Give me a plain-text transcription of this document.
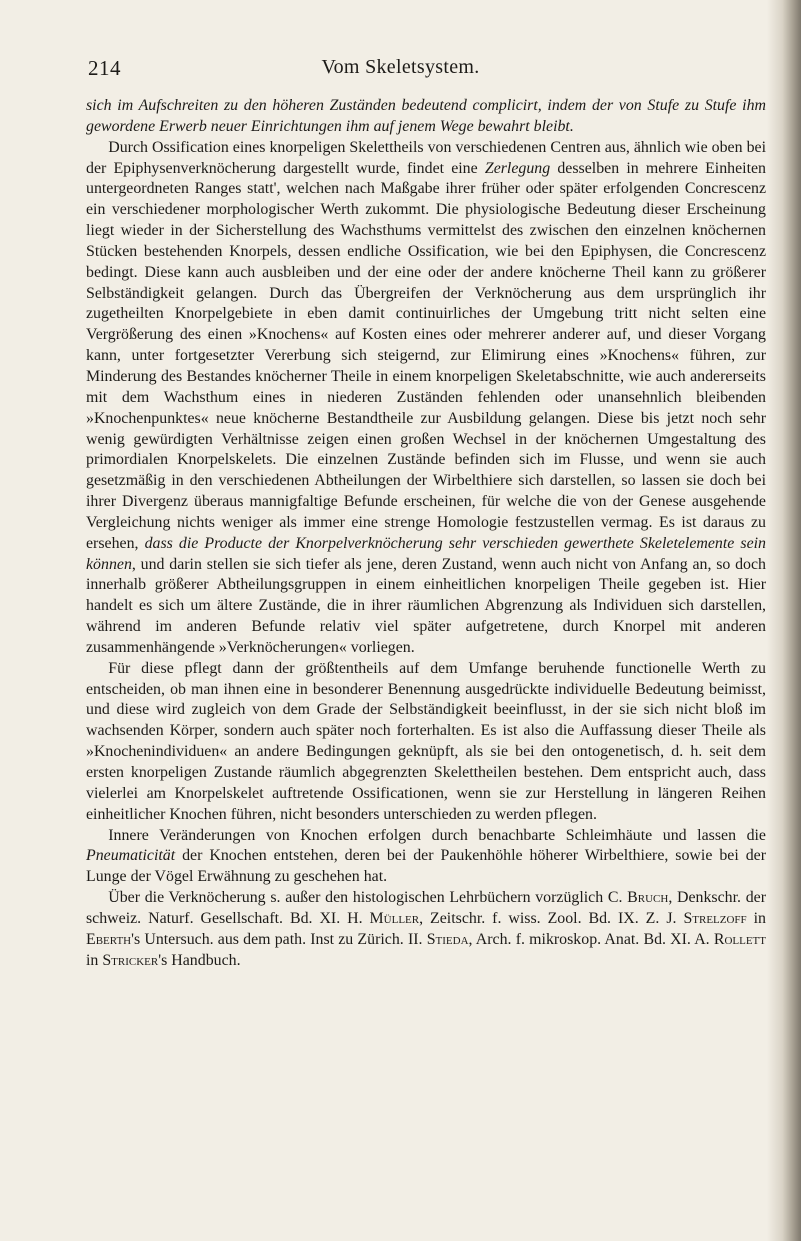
214	Vom Skeletsystem.

sich im Aufschreiten zu den höheren Zuständen bedeutend complicirt, indem der von Stufe zu Stufe ihm gewordene Erwerb neuer Einrichtungen ihm auf jenem Wege bewahrt bleibt.

Durch Ossification eines knorpeligen Skelettheils von verschiedenen Centren aus, ähnlich wie oben bei der Epiphysenverknöcherung dargestellt wurde, findet eine Zerlegung desselben in mehrere Einheiten untergeordneten Ranges statt', welchen nach Maßgabe ihrer früher oder später erfolgenden Concrescenz ein verschiedener morphologischer Werth zukommt. Die physiologische Bedeutung dieser Erscheinung liegt wieder in der Sicherstellung des Wachsthums vermittelst des zwischen den einzelnen knöchernen Stücken bestehenden Knorpels, dessen endliche Ossification, wie bei den Epiphysen, die Concrescenz bedingt. Diese kann auch ausbleiben und der eine oder der andere knöcherne Theil kann zu größerer Selbständigkeit gelangen. Durch das Übergreifen der Verknöcherung aus dem ursprünglich ihr zugetheilten Knorpelgebiete in eben damit continuirliches der Umgebung tritt nicht selten eine Vergrößerung des einen »Knochens« auf Kosten eines oder mehrerer anderer auf, und dieser Vorgang kann, unter fortgesetzter Vererbung sich steigernd, zur Elimirung eines »Knochens« führen, zur Minderung des Bestandes knöcherner Theile in einem knorpeligen Skeletabschnitte, wie auch andererseits mit dem Wachsthum eines in niederen Zuständen fehlenden oder unansehnlich bleibenden »Knochenpunktes« neue knöcherne Bestandtheile zur Ausbildung gelangen. Diese bis jetzt noch sehr wenig gewürdigten Verhältnisse zeigen einen großen Wechsel in der knöchernen Umgestaltung des primordialen Knorpelskelets. Die einzelnen Zustände befinden sich im Flusse, und wenn sie auch gesetzmäßig in den verschiedenen Abtheilungen der Wirbelthiere sich darstellen, so lassen sie doch bei ihrer Divergenz überaus mannigfaltige Befunde erscheinen, für welche die von der Genese ausgehende Vergleichung nichts weniger als immer eine strenge Homologie festzustellen vermag. Es ist daraus zu ersehen, dass die Producte der Knorpelverknöcherung sehr verschieden gewerthete Skeletelemente sein können, und darin stellen sie sich tiefer als jene, deren Zustand, wenn auch nicht von Anfang an, so doch innerhalb größerer Abtheilungsgruppen in einem einheitlichen knorpeligen Theile gegeben ist. Hier handelt es sich um ältere Zustände, die in ihrer räumlichen Abgrenzung als Individuen sich darstellen, während im anderen Befunde relativ viel später aufgetretene, durch Knorpel mit anderen zusammenhängende »Verknöcherungen« vorliegen.

Für diese pflegt dann der größtentheils auf dem Umfange beruhende functionelle Werth zu entscheiden, ob man ihnen eine in besonderer Benennung ausgedrückte individuelle Bedeutung beimisst, und diese wird zugleich von dem Grade der Selbständigkeit beeinflusst, in der sie sich nicht bloß im wachsenden Körper, sondern auch später noch forterhalten. Es ist also die Auffassung dieser Theile als »Knochenindividuen« an andere Bedingungen geknüpft, als sie bei den ontogenetisch, d. h. seit dem ersten knorpeligen Zustande räumlich abgegrenzten Skelettheilen bestehen. Dem entspricht auch, dass vielerlei am Knorpelskelet auftretende Ossificationen, wenn sie zur Herstellung in längeren Reihen einheitlicher Knochen führen, nicht besonders unterschieden zu werden pflegen.

Innere Veränderungen von Knochen erfolgen durch benachbarte Schleimhäute und lassen die Pneumaticität der Knochen entstehen, deren bei der Paukenhöhle höherer Wirbelthiere, sowie bei der Lunge der Vögel Erwähnung zu geschehen hat.

Über die Verknöcherung s. außer den histologischen Lehrbüchern vorzüglich C. Bruch, Denkschr. der schweiz. Naturf. Gesellschaft. Bd. XI. H. Müller, Zeitschr. f. wiss. Zool. Bd. IX. Z. J. Strelzoff in Eberth's Untersuch. aus dem path. Inst zu Zürich. II. Stieda, Arch. f. mikroskop. Anat. Bd. XI. A. Rollett in Stricker's Handbuch.
